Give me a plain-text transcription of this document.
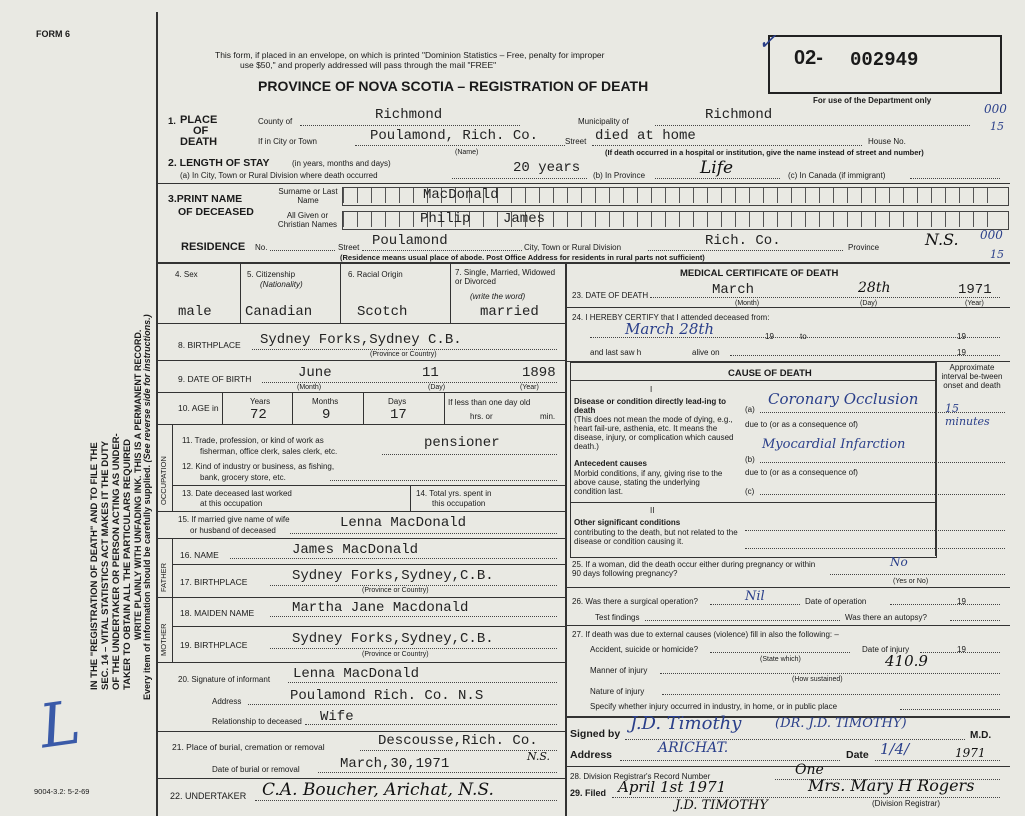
FORM 6
9004-3.2: 5-2-69
L
SEC. 14 – VITAL STATISTICS ACT MAKES IT THE DUTY OF THE UNDERTAKER OR PERSON ACTING AS UNDER- TAKER TO OBTAIN ALL THE PARTICULARS REQUIRED
IN THE "REGISTRATION OF DEATH" AND TO FILE THE	WRITE PLAINLY WITH UNFADING INK. THIS IS A PERMANENT RECORD. Every item of information should be carefully supplied. (See reverse side for instructions.)
This form, if placed in an envelope, on which is printed "Dominion Statistics – Free, penalty for improper
use $50," and properly addressed will pass through the mail "FREE"
PROVINCE OF NOVA SCOTIA – REGISTRATION OF DEATH
02- 002949
✓
For use of the Department only
000
15
1. PLACE
OF
DEATH
County of	Richmond	Municipality of	Richmond
If in City or Town	Poulamond, Rich. Co.
(Name)
Street died at home	House No.
(If death occurred in a hospital or institution, give the name instead of street and number)
2. LENGTH OF STAY	(in years, months and days)
(a) In City, Town or Rural Division where death occurred	20 years (b) In Province	Life	(c) In Canada (if immigrant)
3.PRINT NAME
OF DECEASED
Surname or Last Name
All Given or Christian Names
MacDonald
Philip James
RESIDENCE No.	Street Poulamond	City, Town or Rural Division	Rich. Co.	Province	N.S. 000
15
(Residence means usual place of abode. Post Office Address for residents in rural parts not sufficient)
4. Sex
male
5. Citizenship
(Nationality)
Canadian
6. Racial Origin
Scotch
7. Single, Married, Widowed or Divorced
(write the word)
married
8. BIRTHPLACE Sydney Forks,Sydney C.B.
(Province or Country)
9. DATE OF BIRTH	June	11	1898
(Month)	(Day)	(Year)
10. AGE in
Years	Months	Days
72	9	17
If less than one day old
hrs. or	min.
OCCUPATION
11. Trade, profession, or kind of work as
fisherman, office clerk, sales clerk, etc.
pensioner
12. Kind of industry or business, as fishing,
bank, grocery store, etc.
13. Date deceased last worked
at this occupation
14. Total yrs. spent in
this occupation
15. If married give name of wife
or husband of deceased	Lenna MacDonald
FATHER
MOTHER
16. NAME	James MacDonald
17. BIRTHPLACE	Sydney Forks,Sydney,C.B.
(Province or Country)
18. MAIDEN NAME	Martha Jane Macdonald
19. BIRTHPLACE	Sydney Forks,Sydney,C.B.
(Province or Country)
20. Signature of informant Lenna MacDonald
Address	Poulamond Rich. Co. N.S
Relationship to deceased Wife
21. Place of burial, cremation or removal	Descousse,Rich. Co.
N.S.
Date of burial or removal	March,30,1971
22. UNDERTAKER C.A. Boucher, Arichat, N.S.
MEDICAL CERTIFICATE OF DEATH
23. DATE OF DEATH	March	28th	1971
(Month)	(Day)	(Year)
24. I HEREBY CERTIFY that I attended deceased from:
March 28th	19	to	19
and last saw h	alive on	19
CAUSE OF DEATH
Approximate interval be-tween onset and death
I
Disease or condition directly lead-ing to death
(This does not mean the mode of dying, e.g., heart fail-ure, asthenia, etc. It means the disease, injury, or complication which caused death.)
(a)
Coronary Occlusion
15 minutes
due to (or as a consequence of)
Antecedent causes
Morbid conditions, if any, giving rise to the above cause, stating the underlying condition last.
(b)
Myocardial Infarction
due to (or as a consequence of)
(c)
II
Other significant conditions
contributing to the death, but not related to the disease or condition causing it.
25. If a woman, did the death occur either during pregnancy or within 90 days following pregnancy?
No
(Yes or No)
26. Was there a surgical operation?	Nil	Date of operation	19
Test findings	Was there an autopsy?
27. If death was due to external causes (violence) fill in also the following: –
Accident, suicide or homicide?
(State which)
Date of injury	19
410.9
Manner of injury
(How sustained)
Nature of injury
Specify whether injury occurred in industry, in home, or in public place
Signed by J.D. Timothy	(DR. J.D. TIMOTHY)
M.D.
Address	ARICHAT.	Date 1/4/	1971
28. Division Registrar's Record Number	One
29. Filed April 1st 1971	Mrs. Mary H Rogers
(Division Registrar)
J.D. TIMOTHY
